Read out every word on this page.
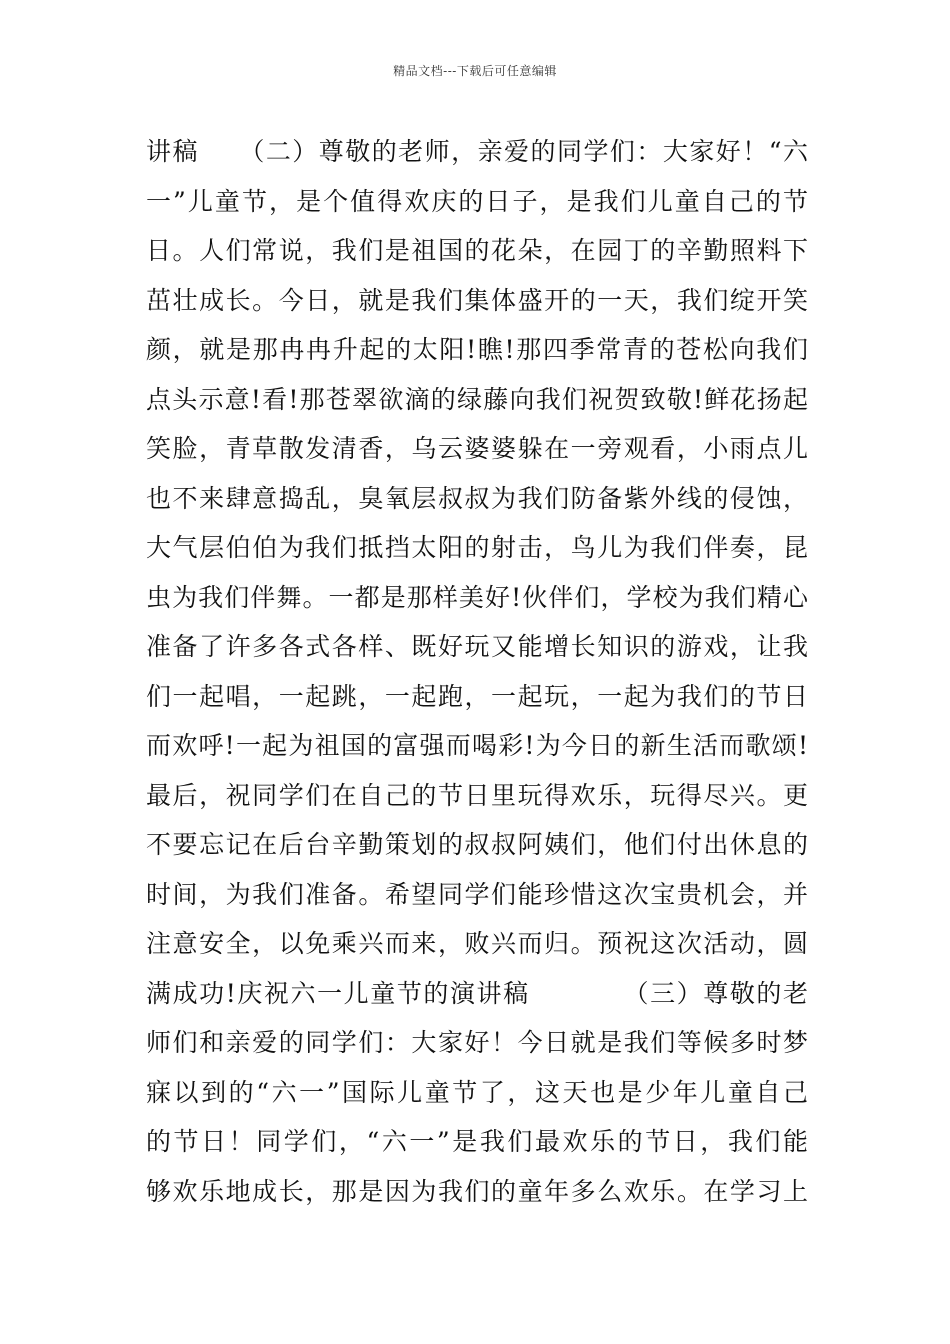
精品文档---下载后可任意编辑
讲稿　　（二）尊敬的老师，亲爱的同学们：大家好！“六
一”儿童节，是个值得欢庆的日子，是我们儿童自己的节
日。人们常说，我们是祖国的花朵，在园丁的辛勤照料下
茁壮成长。今日，就是我们集体盛开的一天，我们绽开笑
颜，就是那冉冉升起的太阳!瞧!那四季常青的苍松向我们
点头示意!看!那苍翠欲滴的绿藤向我们祝贺致敬!鲜花扬起
笑脸，青草散发清香，乌云婆婆躲在一旁观看，小雨点儿
也不来肆意捣乱，臭氧层叔叔为我们防备紫外线的侵蚀，
大气层伯伯为我们抵挡太阳的射击，鸟儿为我们伴奏，昆
虫为我们伴舞。一都是那样美好!伙伴们，学校为我们精心
准备了许多各式各样、既好玩又能增长知识的游戏，让我
们一起唱，一起跳，一起跑，一起玩，一起为我们的节日
而欢呼!一起为祖国的富强而喝彩!为今日的新生活而歌颂!
最后，祝同学们在自己的节日里玩得欢乐，玩得尽兴。更
不要忘记在后台辛勤策划的叔叔阿姨们，他们付出休息的
时间，为我们准备。希望同学们能珍惜这次宝贵机会，并
注意安全，以免乘兴而来，败兴而归。预祝这次活动，圆
满成功!庆祝六一儿童节的演讲稿　　　　（三）尊敬的老
师们和亲爱的同学们：大家好！今日就是我们等候多时梦
寐以到的“六一”国际儿童节了，这天也是少年儿童自己
的节日！同学们，“六一”是我们最欢乐的节日，我们能
够欢乐地成长，那是因为我们的童年多么欢乐。在学习上
